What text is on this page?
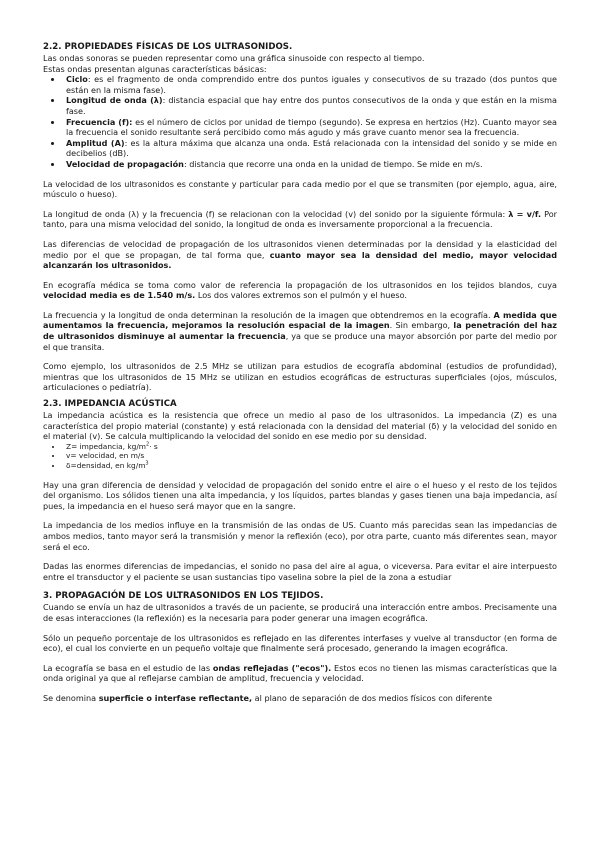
2.2. PROPIEDADES FÍSICAS DE LOS ULTRASONIDOS.

Las ondas sonoras se pueden representar como una gráfica sinusoide con respecto al tiempo.

Estas ondas presentan algunas características básicas:

• Ciclo: es el fragmento de onda comprendido entre dos puntos iguales y consecutivos de su trazado (dos puntos que están en la misma fase).
• Longitud de onda (λ): distancia espacial que hay entre dos puntos consecutivos de la onda y que están en la misma fase.
• Frecuencia (f): es el número de ciclos por unidad de tiempo (segundo). Se expresa en hertzios (Hz). Cuanto mayor sea la frecuencia el sonido resultante será percibido como más agudo y más grave cuanto menor sea la frecuencia.
• Amplitud (A): es la altura máxima que alcanza una onda. Está relacionada con la intensidad del sonido y se mide en decibelios (dB).
• Velocidad de propagación: distancia que recorre una onda en la unidad de tiempo. Se mide en m/s.

La velocidad de los ultrasonidos es constante y particular para cada medio por el que se transmiten (por ejemplo, agua, aire, músculo o hueso).

La longitud de onda (λ) y la frecuencia (f) se relacionan con la velocidad (v) del sonido por la siguiente fórmula: λ = v/f. Por tanto, para una misma velocidad del sonido, la longitud de onda es inversamente proporcional a la frecuencia.

Las diferencias de velocidad de propagación de los ultrasonidos vienen determinadas por la densidad y la elasticidad del medio por el que se propagan, de tal forma que, cuanto mayor sea la densidad del medio, mayor velocidad alcanzarán los ultrasonidos.

En ecografía médica se toma como valor de referencia la propagación de los ultrasonidos en los tejidos blandos, cuya velocidad media es de 1.540 m/s. Los dos valores extremos son el pulmón y el hueso.

La frecuencia y la longitud de onda determinan la resolución de la imagen que obtendremos en la ecografía. A medida que aumentamos la frecuencia, mejoramos la resolución espacial de la imagen. Sin embargo, la penetración del haz de ultrasonidos disminuye al aumentar la frecuencia, ya que se produce una mayor absorción por parte del medio por el que transita.

Como ejemplo, los ultrasonidos de 2.5 MHz se utilizan para estudios de ecografía abdominal (estudios de profundidad), mientras que los ultrasonidos de 15 MHz se utilizan en estudios ecográficas de estructuras superficiales (ojos, músculos, articulaciones o pediatría).

2.3. IMPEDANCIA ACÚSTICA

La impedancia acústica es la resistencia que ofrece un medio al paso de los ultrasonidos. La impedancia (Z) es una característica del propio material (constante) y está relacionada con la densidad del material (δ) y la velocidad del sonido en el material (v). Se calcula multiplicando la velocidad del sonido en ese medio por su densidad.

• Z= impedancia, $kg/m^2\cdot s$
• v= velocidad, en m/s
• δ=densidad, en $kg/m^3$

Hay una gran diferencia de densidad y velocidad de propagación del sonido entre el aire o el hueso y el resto de los tejidos del organismo. Los sólidos tienen una alta impedancia, y los líquidos, partes blandas y gases tienen una baja impedancia, así pues, la impedancia en el hueso será mayor que en la sangre.

La impedancia de los medios influye en la transmisión de las ondas de US. Cuanto más parecidas sean las impedancias de ambos medios, tanto mayor será la transmisión y menor la reflexión (eco), por otra parte, cuanto más diferentes sean, mayor será el eco.

Dadas las enormes diferencias de impedancias, el sonido no pasa del aire al agua, o viceversa. Para evitar el aire interpuesto entre el transductor y el paciente se usan sustancias tipo vaselina sobre la piel de la zona a estudiar

3. PROPAGACIÓN DE LOS ULTRASONIDOS EN LOS TEJIDOS.

Cuando se envía un haz de ultrasonidos a través de un paciente, se producirá una interacción entre ambos. Precisamente una de esas interacciones (la reflexión) es la necesaria para poder generar una imagen ecográfica.

Sólo un pequeño porcentaje de los ultrasonidos es reflejado en las diferentes interfases y vuelve al transductor (en forma de eco), el cual los convierte en un pequeño voltaje que finalmente será procesado, generando la imagen ecográfica.

La ecografía se basa en el estudio de las ondas reflejadas ("ecos"). Estos ecos no tienen las mismas características que la onda original ya que al reflejarse cambian de amplitud, frecuencia y velocidad.

Se denomina superficie o interfase reflectante, al plano de separación de dos medios físicos con diferente
